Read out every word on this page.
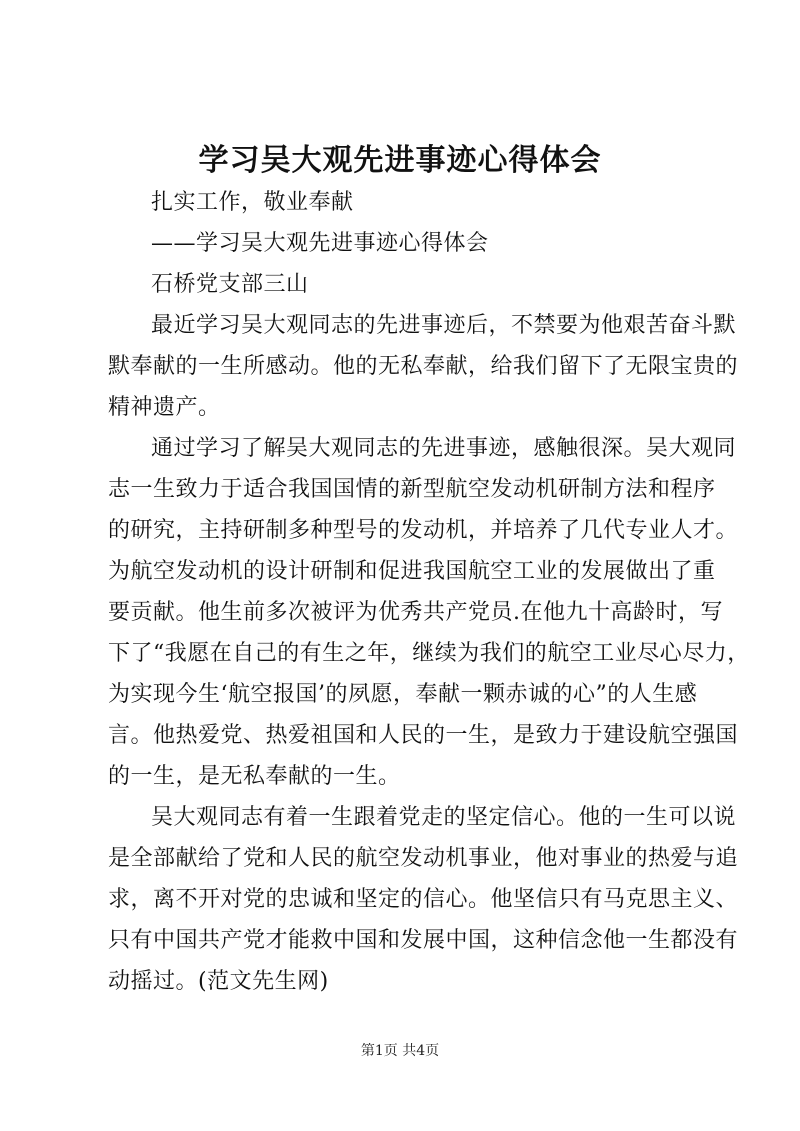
学习吴大观先进事迹心得体会
扎实工作，敬业奉献
——学习吴大观先进事迹心得体会
石桥党支部三山
最近学习吴大观同志的先进事迹后，不禁要为他艰苦奋斗默
默奉献的一生所感动。他的无私奉献，给我们留下了无限宝贵的
精神遗产。
通过学习了解吴大观同志的先进事迹，感触很深。吴大观同
志一生致力于适合我国国情的新型航空发动机研制方法和程序
的研究，主持研制多种型号的发动机，并培养了几代专业人才。
为航空发动机的设计研制和促进我国航空工业的发展做出了重
要贡献。他生前多次被评为优秀共产党员.在他九十高龄时，写
下了“我愿在自己的有生之年，继续为我们的航空工业尽心尽力，
为实现今生‘航空报国’的夙愿，奉献一颗赤诚的心”的人生感
言。他热爱党、热爱祖国和人民的一生，是致力于建设航空强国
的一生，是无私奉献的一生。
吴大观同志有着一生跟着党走的坚定信心。他的一生可以说
是全部献给了党和人民的航空发动机事业，他对事业的热爱与追
求，离不开对党的忠诚和坚定的信心。他坚信只有马克思主义、
只有中国共产党才能救中国和发展中国，这种信念他一生都没有
动摇过。(范文先生网)
第1页 共4页
